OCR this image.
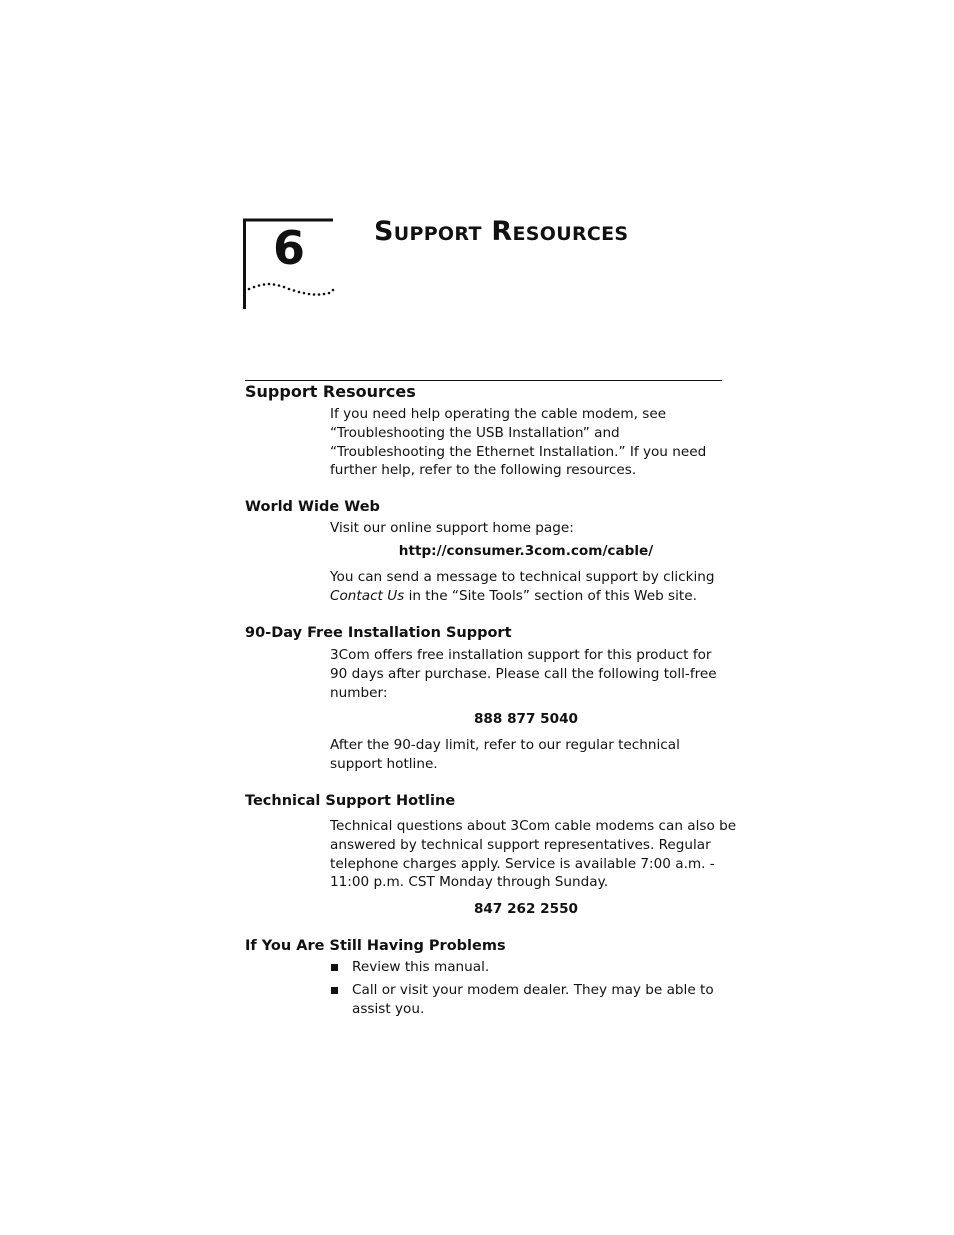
6	Support Resources
Support Resources
If you need help operating the cable modem, see
“Troubleshooting the USB Installation” and
“Troubleshooting the Ethernet Installation.” If you need
further help, refer to the following resources.
World Wide Web
Visit our online support home page:
http://consumer.3com.com/cable/
You can send a message to technical support by clicking
Contact Us in the “Site Tools” section of this Web site.
90-Day Free Installation Support
3Com offers free installation support for this product for
90 days after purchase. Please call the following toll-free
number:
888 877 5040
After the 90-day limit, refer to our regular technical
support hotline.
Technical Support Hotline
Technical questions about 3Com cable modems can also be
answered by technical support representatives. Regular
telephone charges apply. Service is available 7:00 a.m. -
11:00 p.m. CST Monday through Sunday.
847 262 2550
If You Are Still Having Problems
Review this manual.
Call or visit your modem dealer. They may be able to
assist you.
